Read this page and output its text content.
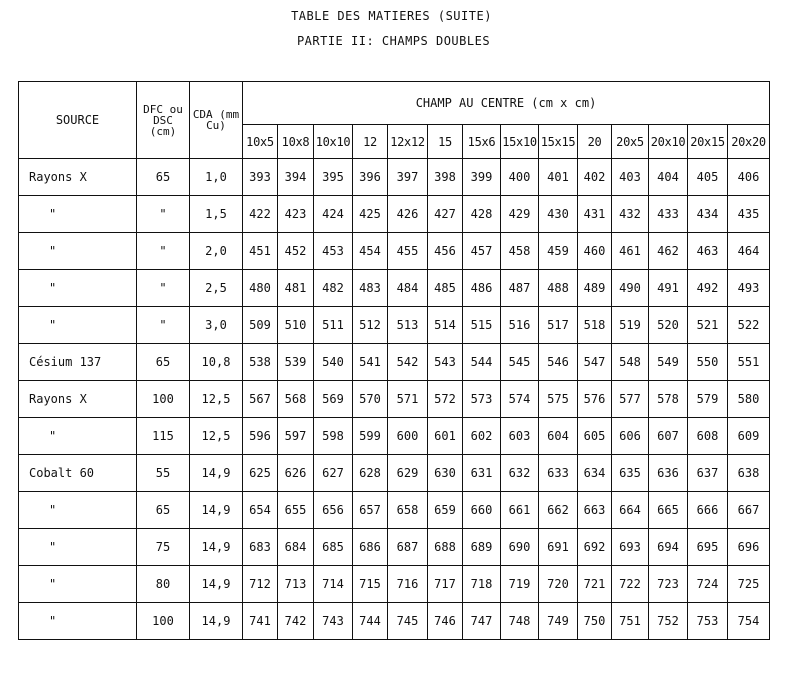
TABLE DES MATIERES (SUITE)
PARTIE II: CHAMPS DOUBLES
SOURCE	DFC ou DSC (cm)	CDA (mm Cu)	CHAMP AU CENTRE (cm x cm)													
			10x5	10x8	10x10	12	12x12	15	15x6	15x10	15x15	20	20x5	20x10	20x15	20x20
Rayons X	65	1,0	393	394	395	396	397	398	399	400	401	402	403	404	405	406
"	"	1,5	422	423	424	425	426	427	428	429	430	431	432	433	434	435
"	"	2,0	451	452	453	454	455	456	457	458	459	460	461	462	463	464
"	"	2,5	480	481	482	483	484	485	486	487	488	489	490	491	492	493
"	"	3,0	509	510	511	512	513	514	515	516	517	518	519	520	521	522
Césium 137	65	10,8	538	539	540	541	542	543	544	545	546	547	548	549	550	551
Rayons X	100	12,5	567	568	569	570	571	572	573	574	575	576	577	578	579	580
"	115	12,5	596	597	598	599	600	601	602	603	604	605	606	607	608	609
Cobalt 60	55	14,9	625	626	627	628	629	630	631	632	633	634	635	636	637	638
"	65	14,9	654	655	656	657	658	659	660	661	662	663	664	665	666	667
"	75	14,9	683	684	685	686	687	688	689	690	691	692	693	694	695	696
"	80	14,9	712	713	714	715	716	717	718	719	720	721	722	723	724	725
"	100	14,9	741	742	743	744	745	746	747	748	749	750	751	752	753	754
